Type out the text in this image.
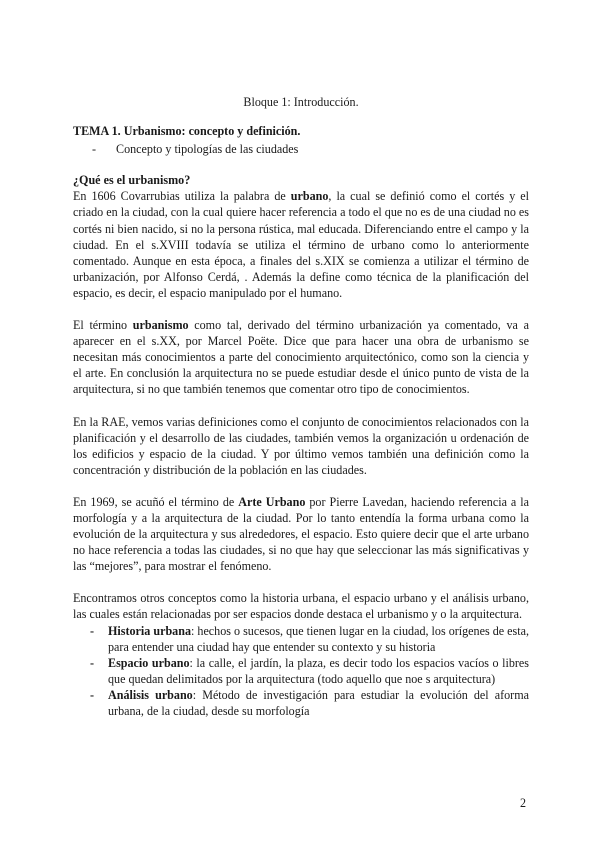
Bloque 1: Introducción.

TEMA 1. Urbanismo: concepto y definición.

- Concepto y tipologías de las ciudades

¿Qué es el urbanismo?

En 1606 Covarrubias utiliza la palabra de urbano, la cual se definió como el cortés y el criado en la ciudad, con la cual quiere hacer referencia a todo el que no es de una ciudad no es cortés ni bien nacido, si no la persona rústica, mal educada. Diferenciando entre el campo y la ciudad. En el s.XVIII todavía se utiliza el término de urbano como lo anteriormente comentado. Aunque en esta época, a finales del s.XIX se comienza a utilizar el término de urbanización, por Alfonso Cerdá, . Además la define como técnica de la planificación del espacio, es decir, el espacio manipulado por el humano.

El término urbanismo como tal, derivado del término urbanización ya comentado, va a aparecer en el s.XX, por Marcel Poëte. Dice que para hacer una obra de urbanismo se necesitan más conocimientos a parte del conocimiento arquitectónico, como son la ciencia y el arte. En conclusión la arquitectura no se puede estudiar desde el único punto de vista de la arquitectura, si no que también tenemos que comentar otro tipo de conocimientos.

En la RAE, vemos varias definiciones como el conjunto de conocimientos relacionados con la planificación y el desarrollo de las ciudades, también vemos la organización u ordenación de los edificios y espacio de la ciudad. Y por último vemos también una definición como la concentración y distribución de la población en las ciudades.

En 1969, se acuñó el término de Arte Urbano por Pierre Lavedan, haciendo referencia a la morfología y a la arquitectura de la ciudad. Por lo tanto entendía la forma urbana como la evolución de la arquitectura y sus alrededores, el espacio. Esto quiere decir que el arte urbano no hace referencia a todas las ciudades, si no que hay que seleccionar las más significativas y las “mejores”, para mostrar el fenómeno.

Encontramos otros conceptos como la historia urbana, el espacio urbano y el análisis urbano, las cuales están relacionadas por ser espacios donde destaca el urbanismo y o la arquitectura.

- Historia urbana: hechos o sucesos, que tienen lugar en la ciudad, los orígenes de esta, para entender una ciudad hay que entender su contexto y su historia
- Espacio urbano: la calle, el jardín, la plaza, es decir todo los espacios vacíos o libres que quedan delimitados por la arquitectura (todo aquello que noe s arquitectura)
- Análisis urbano: Método de investigación para estudiar la evolución del aforma urbana, de la ciudad, desde su morfología
2
